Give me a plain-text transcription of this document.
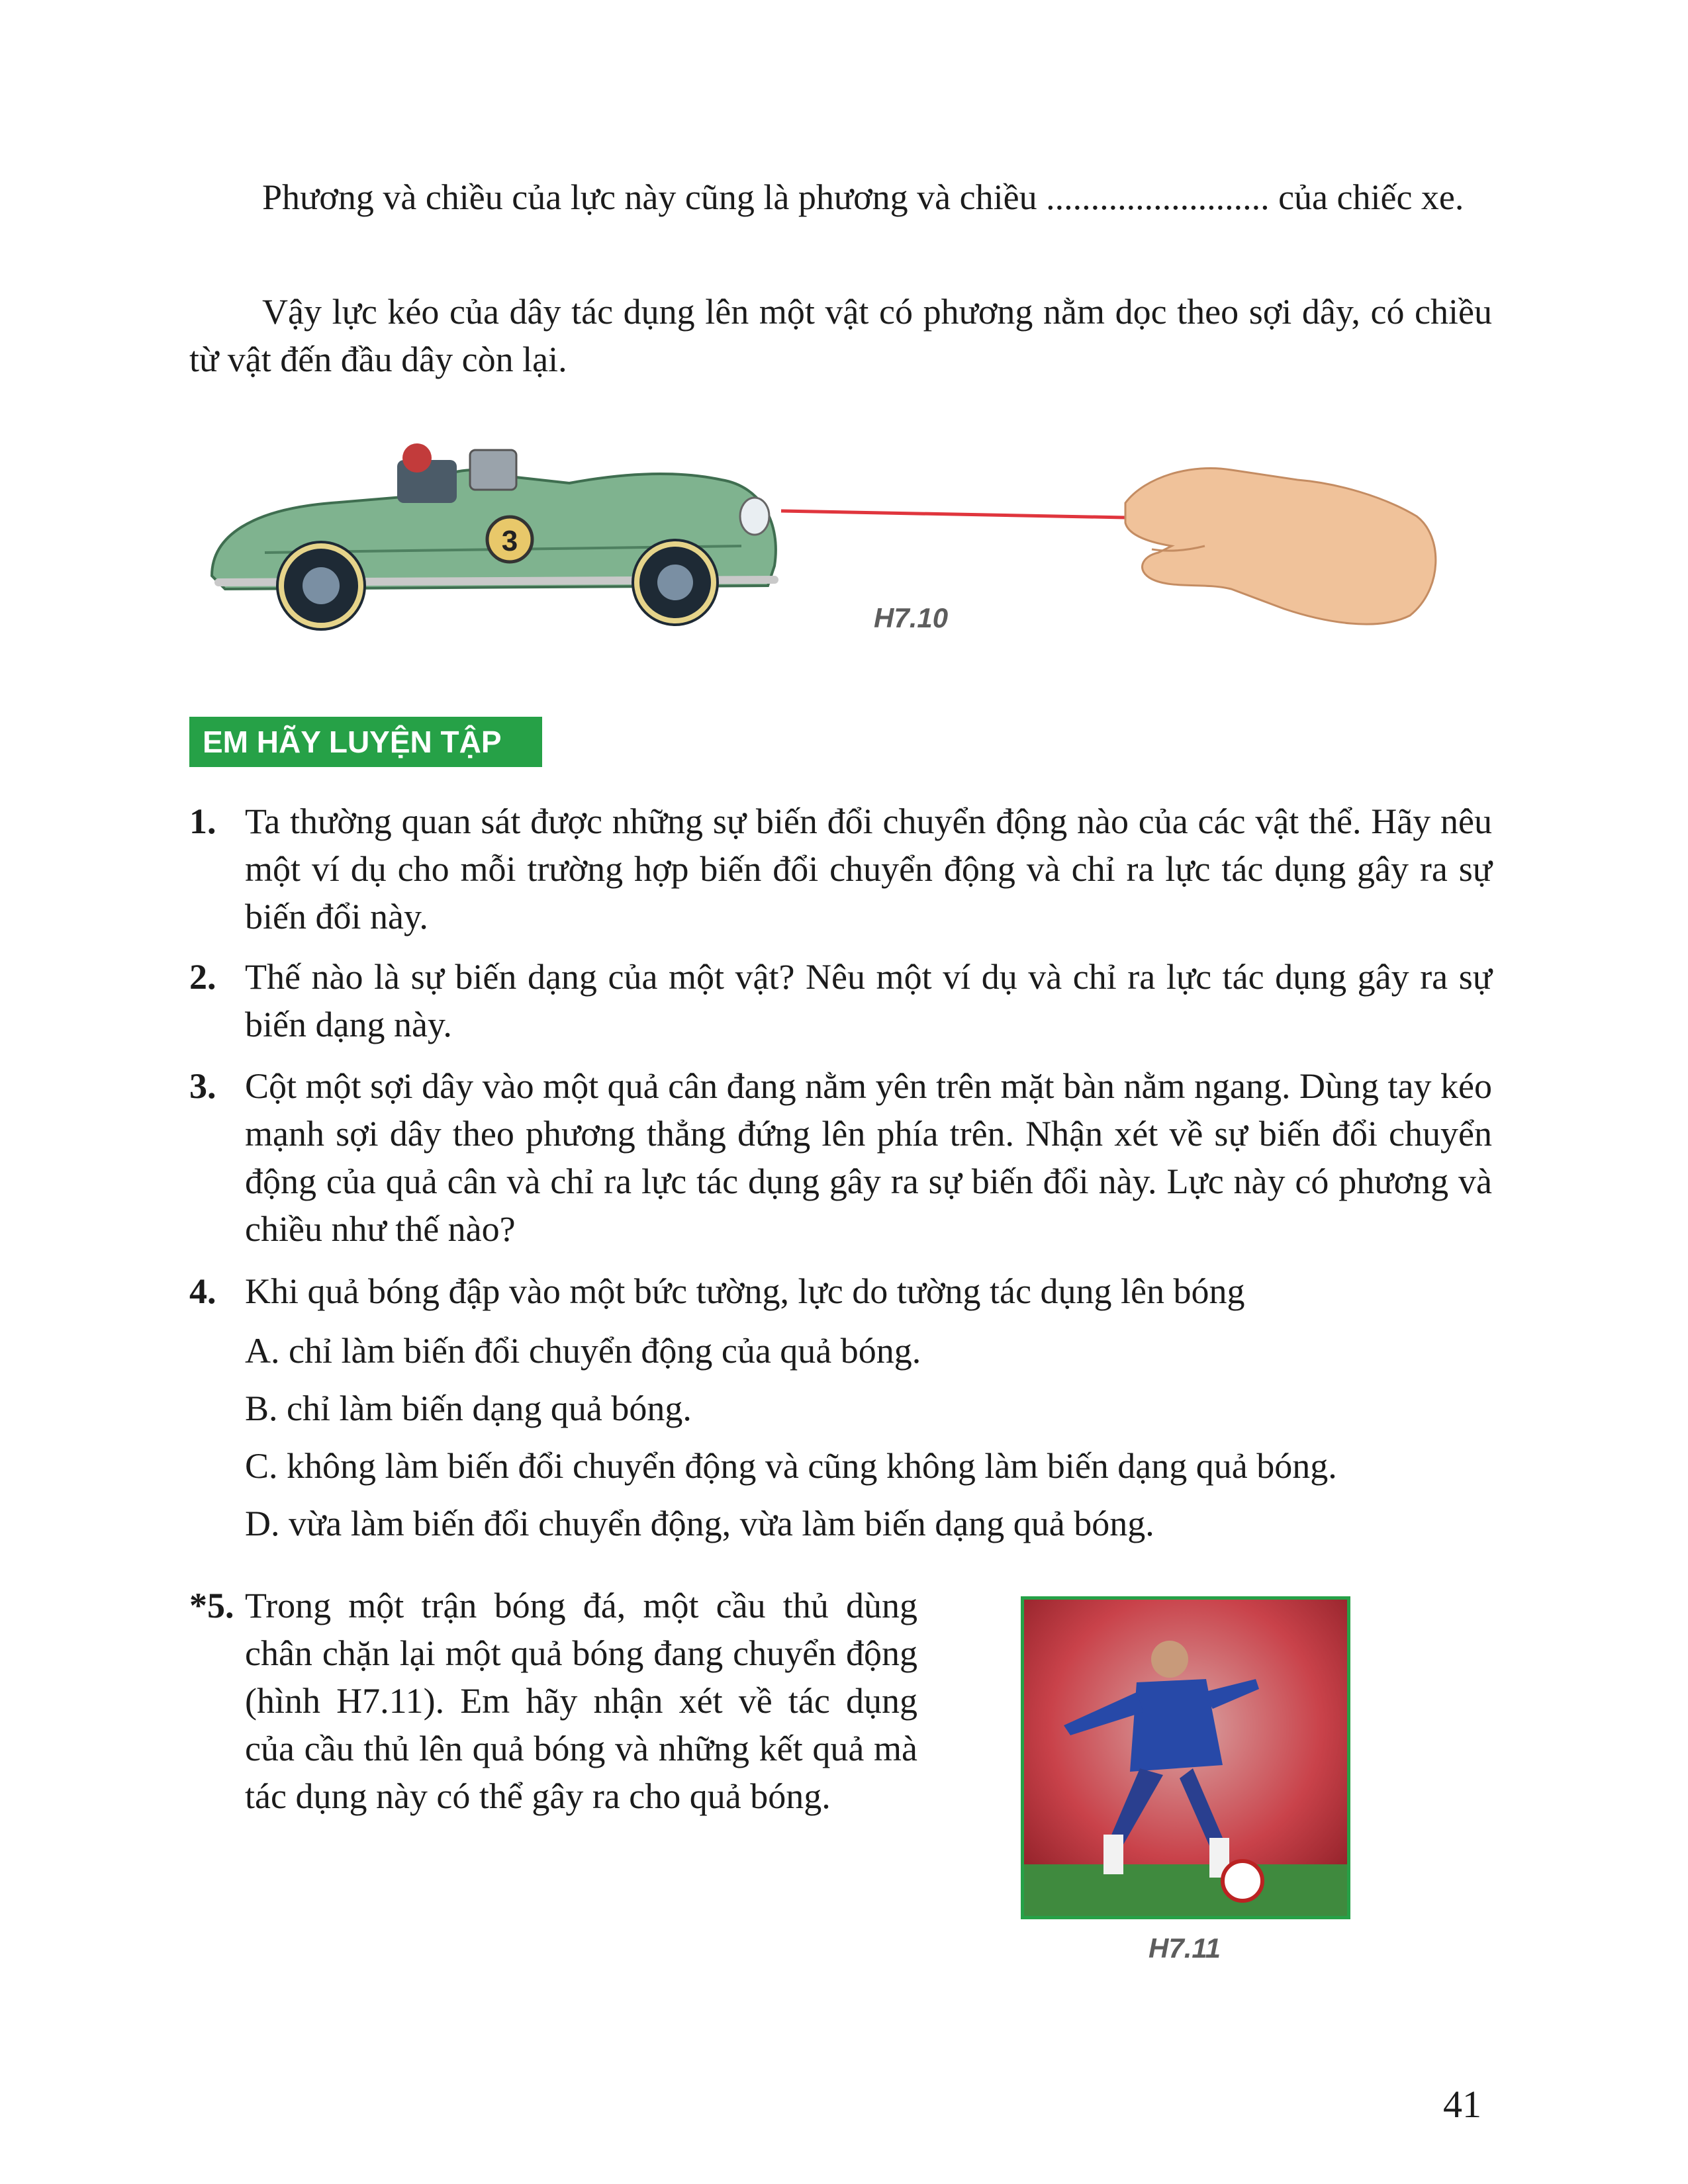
Phương và chiều của lực này cũng là phương và chiều ......................... của chiếc xe.

Vậy lực kéo của dây tác dụng lên một vật có phương nằm dọc theo sợi dây, có chiều từ vật đến đầu dây còn lại.

3
H7.10
EM HÃY LUYỆN TẬP
1. Ta thường quan sát được những sự biến đổi chuyển động nào của các vật thể. Hãy nêu một ví dụ cho mỗi trường hợp biến đổi chuyển động và chỉ ra lực tác dụng gây ra sự biến đổi này.
2. Thế nào là sự biến dạng của một vật? Nêu một ví dụ và chỉ ra lực tác dụng gây ra sự biến dạng này.
3. Cột một sợi dây vào một quả cân đang nằm yên trên mặt bàn nằm ngang. Dùng tay kéo mạnh sợi dây theo phương thẳng đứng lên phía trên. Nhận xét về sự biến đổi chuyển động của quả cân và chỉ ra lực tác dụng gây ra sự biến đổi này. Lực này có phương và chiều như thế nào?
4. Khi quả bóng đập vào một bức tường, lực do tường tác dụng lên bóng
A. chỉ làm biến đổi chuyển động của quả bóng.
B. chỉ làm biến dạng quả bóng.
C. không làm biến đổi chuyển động và cũng không làm biến dạng quả bóng.
D. vừa làm biến đổi chuyển động, vừa làm biến dạng quả bóng.
*5. Trong một trận bóng đá, một cầu thủ dùng chân chặn lại một quả bóng đang chuyển động (hình H7.11). Em hãy nhận xét về tác dụng của cầu thủ lên quả bóng và những kết quả mà tác dụng này có thể gây ra cho quả bóng.
H7.11
41
